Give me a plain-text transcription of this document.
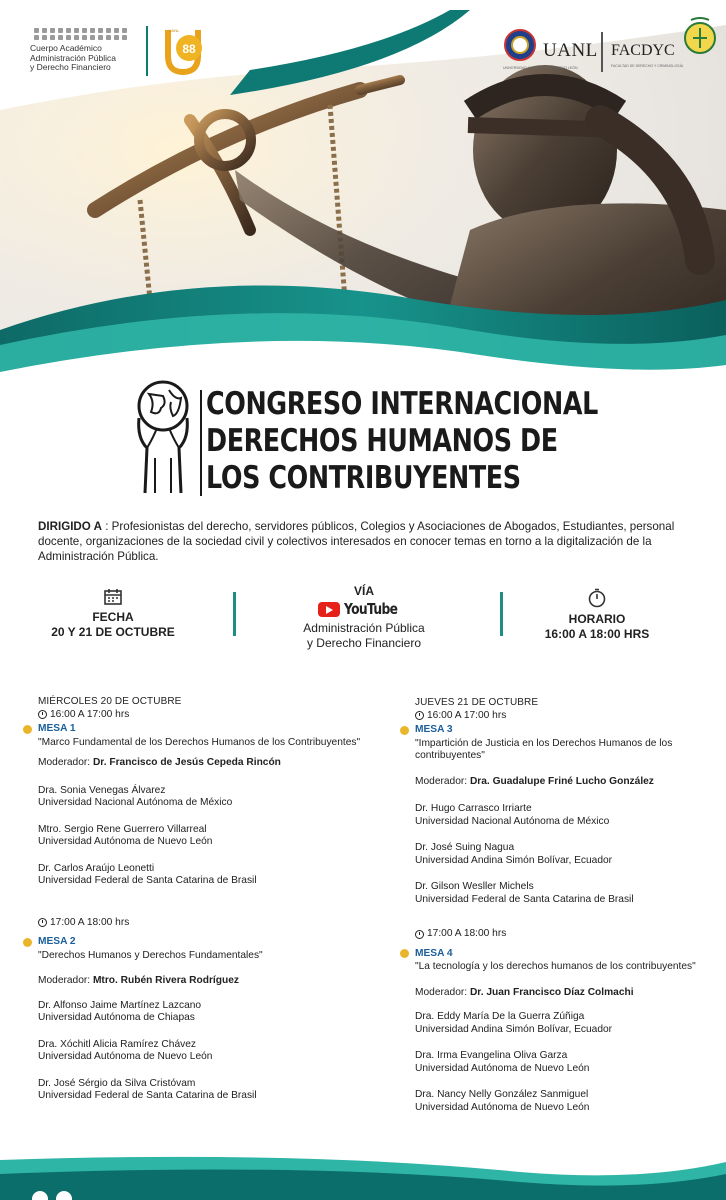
Cuerpo Académico
Administración Pública
y Derecho Financiero
88
UANL
UANL
UNIVERSIDAD AUTÓNOMA DE NUEVO LEÓN
FACDYC
FACULTAD DE DERECHO Y CRIMINOLOGÍA
CONGRESO INTERNACIONAL
DERECHOS HUMANOS DE
LOS CONTRIBUYENTES
DIRIGIDO A : Profesionistas del derecho, servidores públicos, Colegios y Asociaciones de Abogados, Estudiantes, personal docente, organizaciones de la sociedad civil y colectivos interesados en conocer temas en torno a la digitalización de la Administración Pública.
FECHA
20 Y 21 DE OCTUBRE
VÍA
YouTube
Administración Pública
y Derecho Financiero
HORARIO
16:00 A 18:00 HRS
MIÉRCOLES 20 DE OCTUBRE
16:00 A 17:00 hrs
MESA 1
"Marco Fundamental de los Derechos Humanos de los Contribuyentes"
Moderador: Dr. Francisco de Jesús Cepeda Rincón
Dra. Sonia Venegas Álvarez
Universidad Nacional Autónoma de México
Mtro. Sergio Rene Guerrero Villarreal
Universidad Autónoma de Nuevo León
Dr. Carlos Araújo Leonetti
Universidad Federal de Santa Catarina de Brasil
17:00 A 18:00 hrs
MESA 2
"Derechos Humanos y Derechos Fundamentales"
Moderador: Mtro. Rubén Rivera Rodríguez
Dr. Alfonso Jaime Martínez Lazcano
Universidad Autónoma de Chiapas
Dra. Xóchitl Alicia Ramírez Chávez
Universidad Autónoma de Nuevo León
Dr. José Sérgio da Silva Cristóvam
Universidad Federal de Santa Catarina de Brasil
JUEVES 21 DE OCTUBRE
16:00 A 17:00 hrs
MESA 3
"Impartición de Justicia en los Derechos Humanos de los contribuyentes"
Moderador: Dra. Guadalupe Friné Lucho González
Dr. Hugo Carrasco Irriarte
Universidad Nacional Autónoma de México
Dr. José Suing Nagua
Universidad Andina Simón Bolívar, Ecuador
Dr. Gilson Wesller Michels
Universidad Federal de Santa Catarina de Brasil
17:00 A 18:00 hrs
MESA 4
"La tecnología y los derechos humanos de los contribuyentes"
Moderador: Dr. Juan Francisco Díaz Colmachi
Dra. Eddy María De la Guerra Zúñiga
Universidad Andina Simón Bolívar, Ecuador
Dra. Irma Evangelina Oliva Garza
Universidad Autónoma de Nuevo León
Dra. Nancy Nelly González Sanmiguel
Universidad Autónoma de Nuevo León
